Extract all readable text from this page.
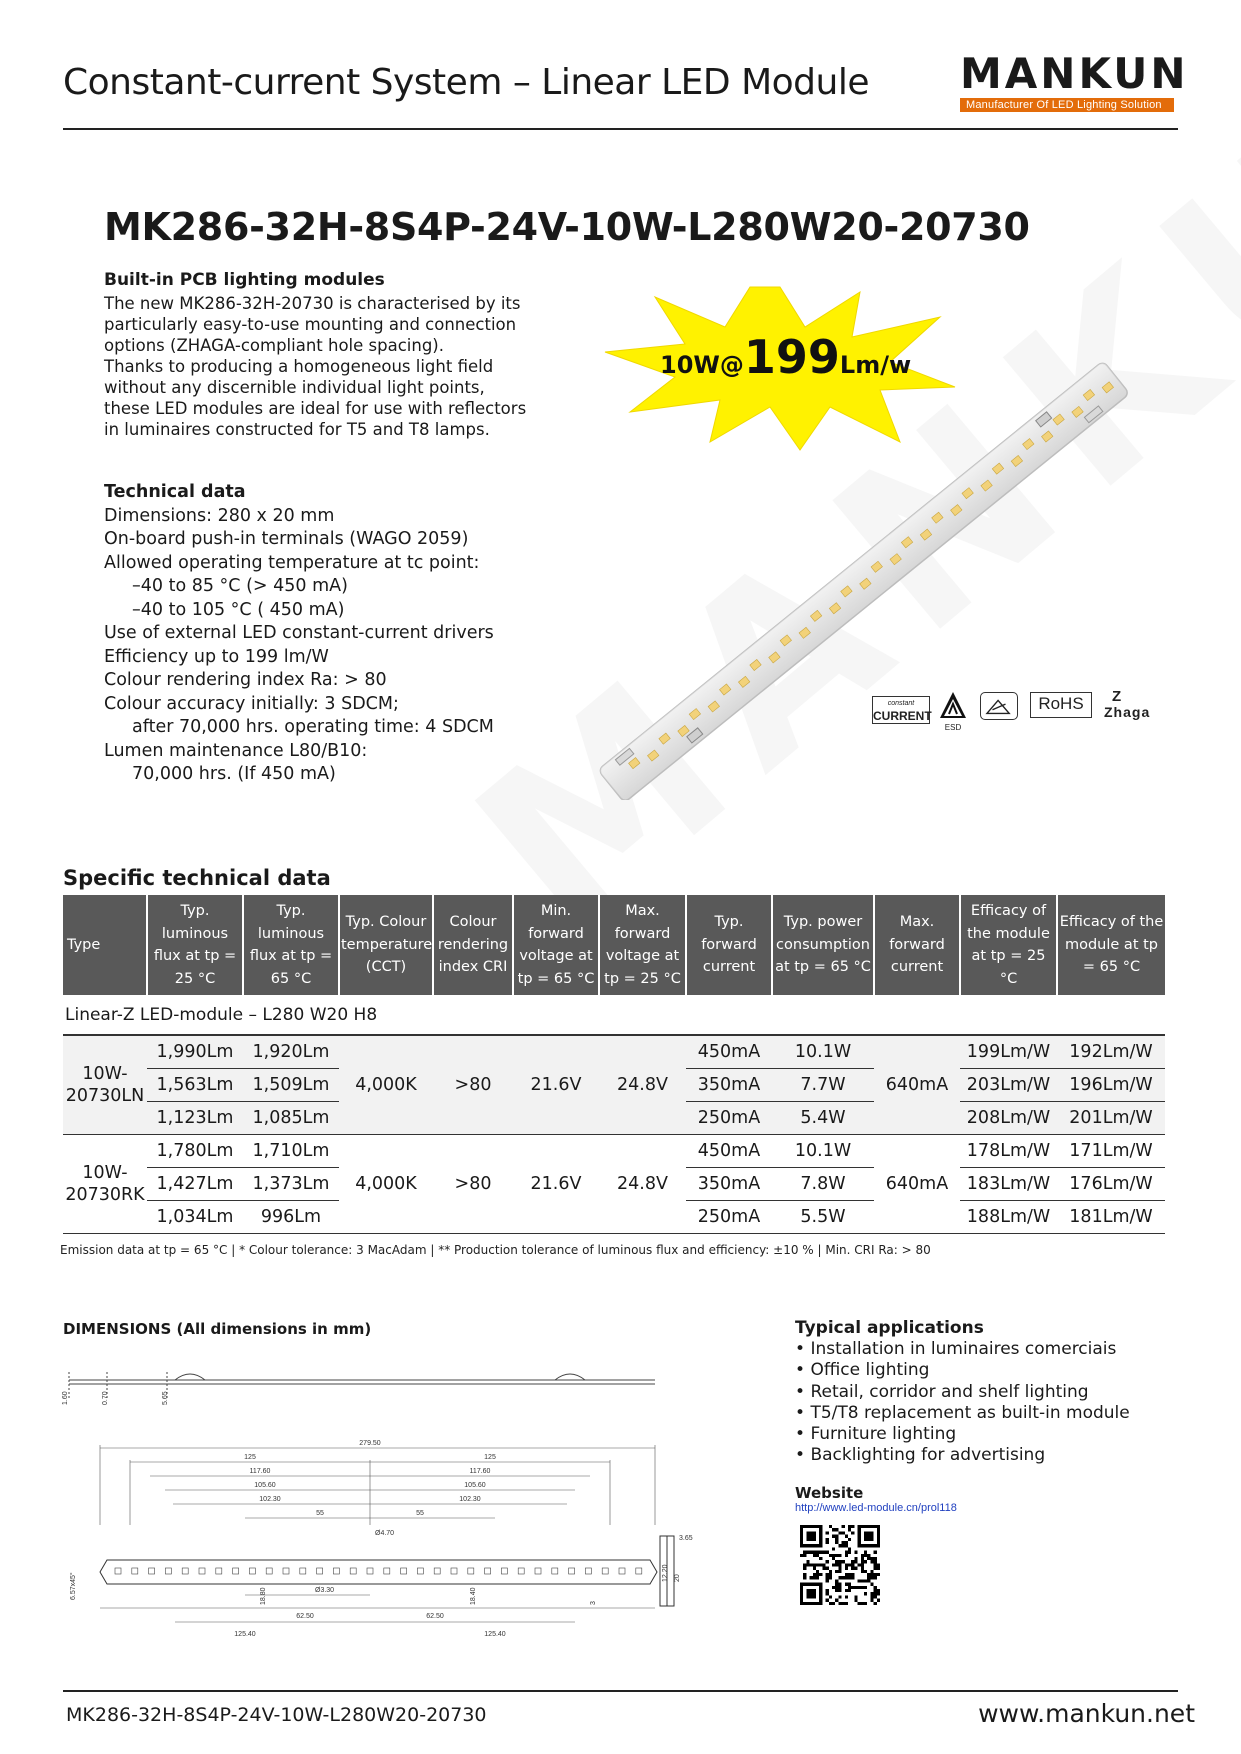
Constant-current System – Linear LED Module MANKUN
Manufacturer Of LED Lighting Solution
MK286-32H-8S4P-24V-10W-L280W20-20730
Built-in PCB lighting modules
The new MK286-32H-20730 is characterised by its
particularly easy-to-use mounting and connection
options (ZHAGA-compliant hole spacing).
Thanks to producing a homogeneous light field
without any discernible individual light points,
these LED modules are ideal for use with reflectors
in luminaires constructed for T5 and T8 lamps.
Technical data
Dimensions: 280 x 20 mm
On-board push-in terminals (WAGO 2059)
Allowed operating temperature at tc point:
–40 to 85 °C (> 450 mA)
–40 to 105 °C ( 450 mA)
Use of external LED constant-current drivers
Efficiency up to 199 lm/W
Colour rendering index Ra: > 80
Colour accuracy initially: 3 SDCM;
after 70,000 hrs. operating time: 4 SDCM
Lumen maintenance L80/B10:
70,000 hrs. (If 450 mA)
10W@199Lm/w
constant
CURRENT
ESD
RoHS	Z
Zhaga
Specific technical data
Type	Typ. luminous flux at tp = 25 °C	Typ. luminous flux at tp = 65 °C	Typ. Colour temperature (CCT)	Colour rendering index CRI	Min. forward voltage at tp = 65 °C	Max. forward voltage at tp = 25 °C	Typ. forward current	Typ. power consumption at tp = 65 °C	Max. forward current	Efficacy of the module at tp = 25 °C	Efficacy of the module at tp = 65 °C
Linear-Z LED-module – L280 W20 H8											

10W-
20730LN	1,990Lm	1,920Lm	4,000K	>80	21.6V	24.8V	450mA	10.1W	640mA	199Lm/W	192Lm/W
	1,563Lm	1,509Lm					350mA	7.7W		203Lm/W	196Lm/W
	1,123Lm	1,085Lm					250mA	5.4W		208Lm/W	201Lm/W

10W-
20730RK	1,780Lm	1,710Lm	4,000K	>80	21.6V	24.8V	450mA	10.1W	640mA	178Lm/W	171Lm/W
	1,427Lm	1,373Lm					350mA	7.8W		183Lm/W	176Lm/W
	1,034Lm	996Lm					250mA	5.5W		188Lm/W	181Lm/W
Emission data at tp = 65 °C | * Colour tolerance: 3 MacAdam | ** Production tolerance of luminous flux and efficiency: ±10 % | Min. CRI Ra: > 80
DIMENSIONS (All dimensions in mm)
1.60	0.70	5.65
279.50
125	125
117.60	117.60
105.60	105.60
102.30	102.30
55	55
Ø4.70
Ø3.30
62.50	62.50
125.40	125.40
18.80	18.40
12.20 20
6.57x45°
3
3.65
Typical applications
• Installation in luminaires comerciais
• Office lighting
• Retail, corridor and shelf lighting
• T5/T8 replacement as built-in module
• Furniture lighting
• Backlighting for advertising
Website
http://www.led-module.cn/prol118
MK286-32H-8S4P-24V-10W-L280W20-20730	www.mankun.net
